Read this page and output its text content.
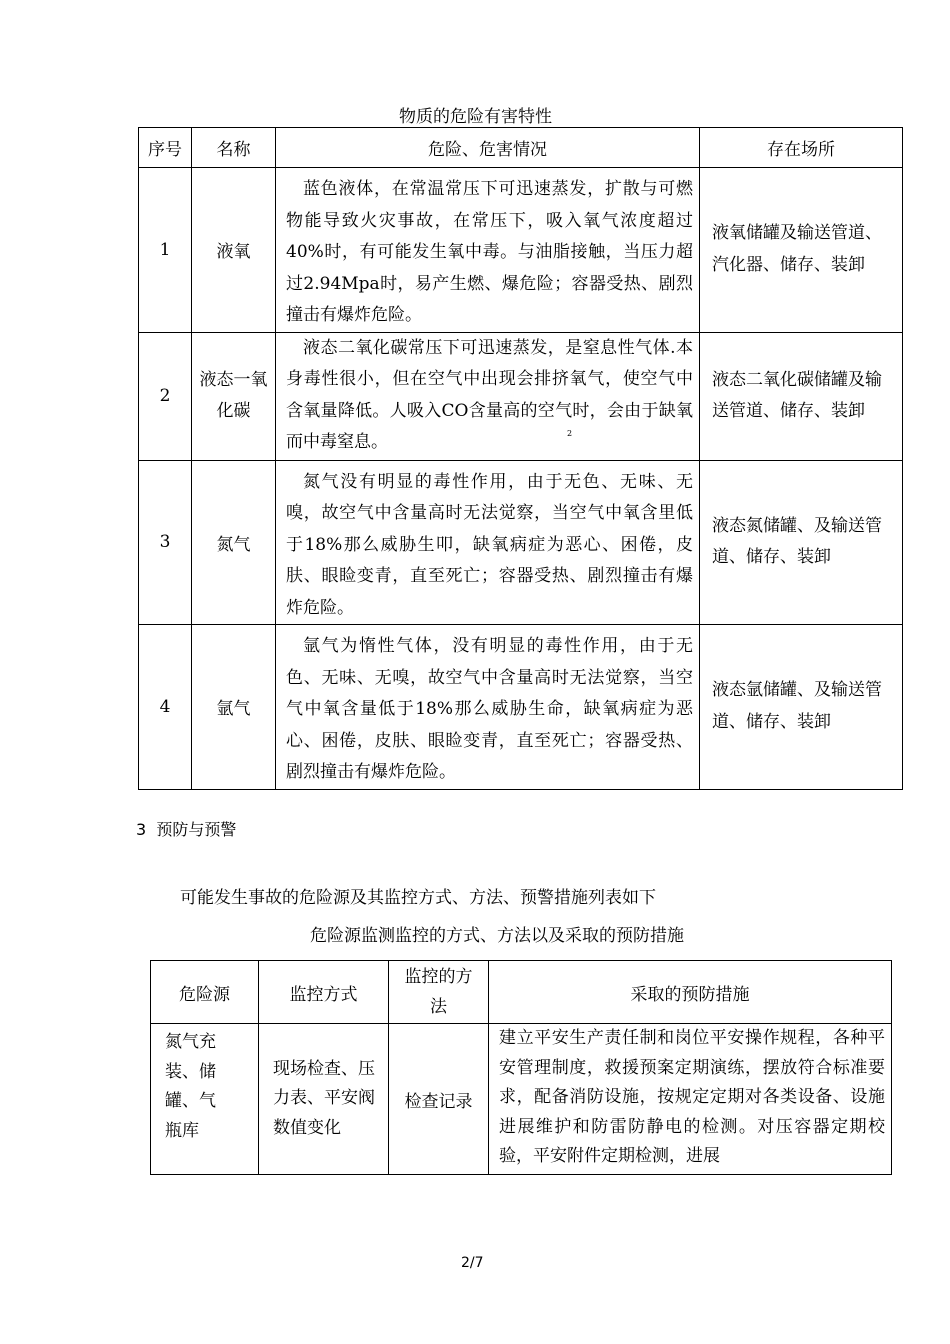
物质的危险有害特性
序号	名称	危险、危害情况	存在场所
1	液氧	蓝色液体，在常温常压下可迅速蒸发，扩散与可燃物能导致火灾事故，在常压下，吸入氧气浓度超过40%时，有可能发生氧中毒。与油脂接触，当压力超过2.94Mpa时，易产生燃、爆危险；容器受热、剧烈撞击有爆炸危险。	液氧储罐及输送管道、汽化器、储存、装卸
2	液态一氧化碳	液态二氧化碳常压下可迅速蒸发，是窒息性气体.本身毒性很小，但在空气中出现会排挤氧气，使空气中含氧量降低。人吸入CO含量高的空气时，会由于缺氧而中毒窒息。 2	液态二氧化碳储罐及输送管道、储存、装卸
3	氮气	氮气没有明显的毒性作用，由于无色、无味、无嗅，故空气中含量高时无法觉察，当空气中氧含里低于18%那么威胁生叩，缺氧病症为恶心、困倦，皮肤、眼睑变青，直至死亡；容器受热、剧烈撞击有爆炸危险。	液态氮储罐、及输送管道、储存、装卸
4	氩气	氩气为惰性气体，没有明显的毒性作用，由于无色、无味、无嗅，故空气中含量高时无法觉察，当空气中氧含量低于18%那么威胁生命，缺氧病症为恶心、困倦，皮肤、眼睑变青，直至死亡；容器受热、剧烈撞击有爆炸危险。	液态氩储罐、及输送管道、储存、装卸
3  预防与预警
可能发生事故的危险源及其监控方式、方法、预警措施列表如下
危险源监测监控的方式、方法以及采取的预防措施
危险源	监控方式	监控的方法	采取的预防措施
氮气充装、储罐、气瓶库	现场检查、压力表、平安阀数值变化	检查记录	建立平安生产责任制和岗位平安操作规程，各种平安管理制度，救援预案定期演练，摆放符合标准要求，配备消防设施，按规定定期对各类设备、设施进展维护和防雷防静电的检测。对压容器定期校验，平安附件定期检测，进展
2/7
